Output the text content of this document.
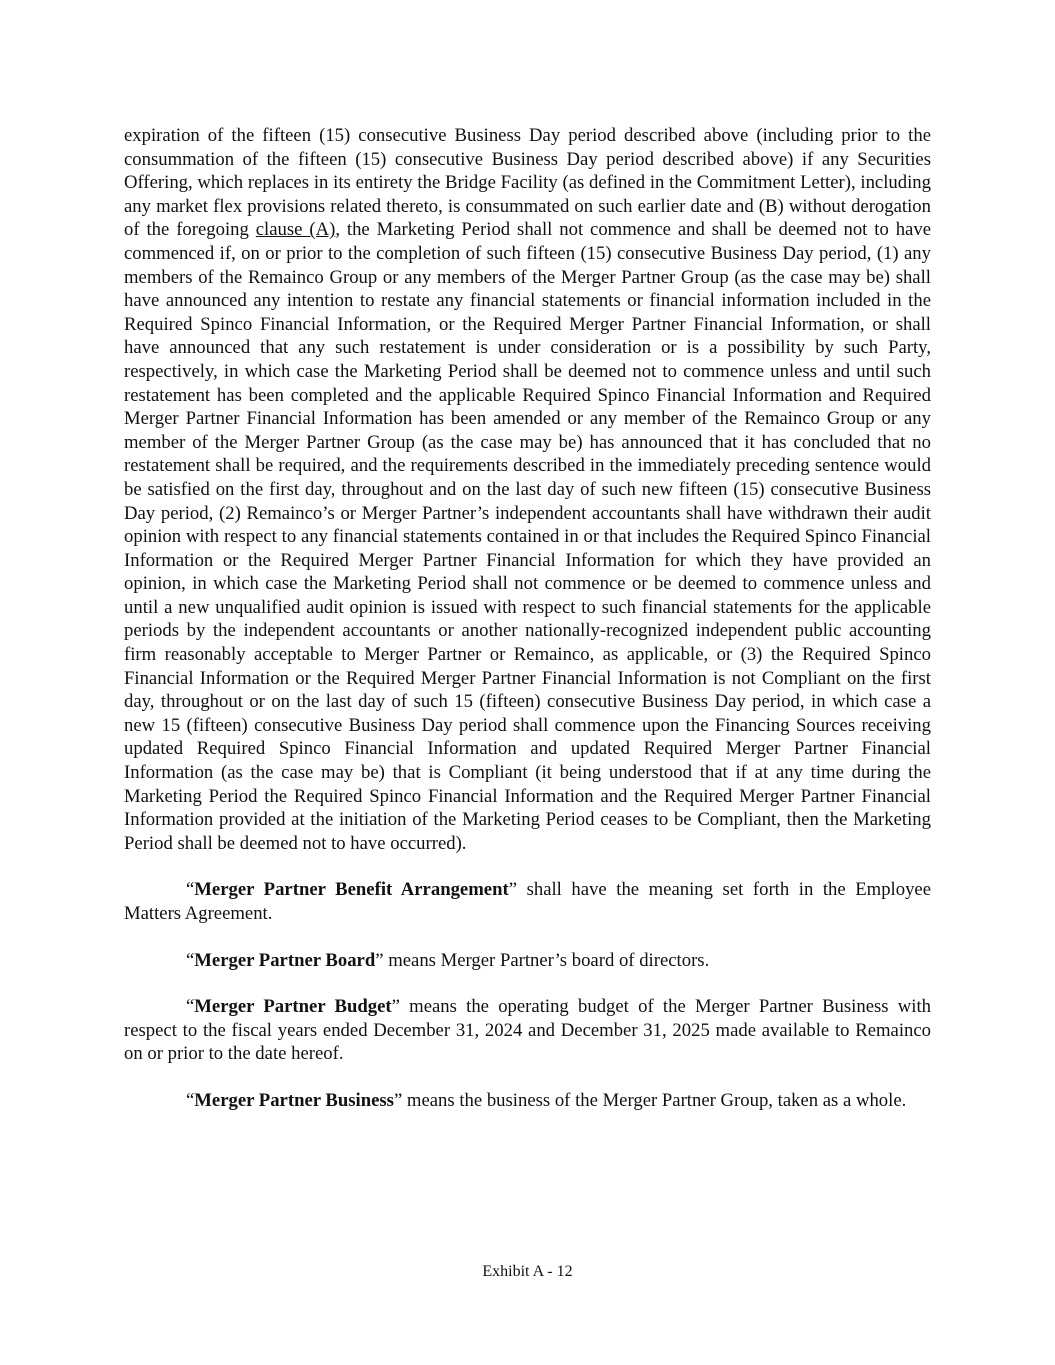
expiration of the fifteen (15) consecutive Business Day period described above (including prior to the consummation of the fifteen (15) consecutive Business Day period described above) if any Securities Offering, which replaces in its entirety the Bridge Facility (as defined in the Commitment Letter), including any market flex provisions related thereto, is consummated on such earlier date and (B) without derogation of the foregoing clause (A), the Marketing Period shall not commence and shall be deemed not to have commenced if, on or prior to the completion of such fifteen (15) consecutive Business Day period, (1) any members of the Remainco Group or any members of the Merger Partner Group (as the case may be) shall have announced any intention to restate any financial statements or financial information included in the Required Spinco Financial Information, or the Required Merger Partner Financial Information, or shall have announced that any such restatement is under consideration or is a possibility by such Party, respectively, in which case the Marketing Period shall be deemed not to commence unless and until such restatement has been completed and the applicable Required Spinco Financial Information and Required Merger Partner Financial Information has been amended or any member of the Remainco Group or any member of the Merger Partner Group (as the case may be) has announced that it has concluded that no restatement shall be required, and the requirements described in the immediately preceding sentence would be satisfied on the first day, throughout and on the last day of such new fifteen (15) consecutive Business Day period, (2) Remainco’s or Merger Partner’s independent accountants shall have withdrawn their audit opinion with respect to any financial statements contained in or that includes the Required Spinco Financial Information or the Required Merger Partner Financial Information for which they have provided an opinion, in which case the Marketing Period shall not commence or be deemed to commence unless and until a new unqualified audit opinion is issued with respect to such financial statements for the applicable periods by the independent accountants or another nationally-recognized independent public accounting firm reasonably acceptable to Merger Partner or Remainco, as applicable, or (3) the Required Spinco Financial Information or the Required Merger Partner Financial Information is not Compliant on the first day, throughout or on the last day of such 15 (fifteen) consecutive Business Day period, in which case a new 15 (fifteen) consecutive Business Day period shall commence upon the Financing Sources receiving updated Required Spinco Financial Information and updated Required Merger Partner Financial Information (as the case may be) that is Compliant (it being understood that if at any time during the Marketing Period the Required Spinco Financial Information and the Required Merger Partner Financial Information provided at the initiation of the Marketing Period ceases to be Compliant, then the Marketing Period shall be deemed not to have occurred).

“Merger Partner Benefit Arrangement” shall have the meaning set forth in the Employee Matters Agreement.

“Merger Partner Board” means Merger Partner’s board of directors.

“Merger Partner Budget” means the operating budget of the Merger Partner Business with respect to the fiscal years ended December 31, 2024 and December 31, 2025 made available to Remainco on or prior to the date hereof.

“Merger Partner Business” means the business of the Merger Partner Group, taken as a whole.

Exhibit A - 12
